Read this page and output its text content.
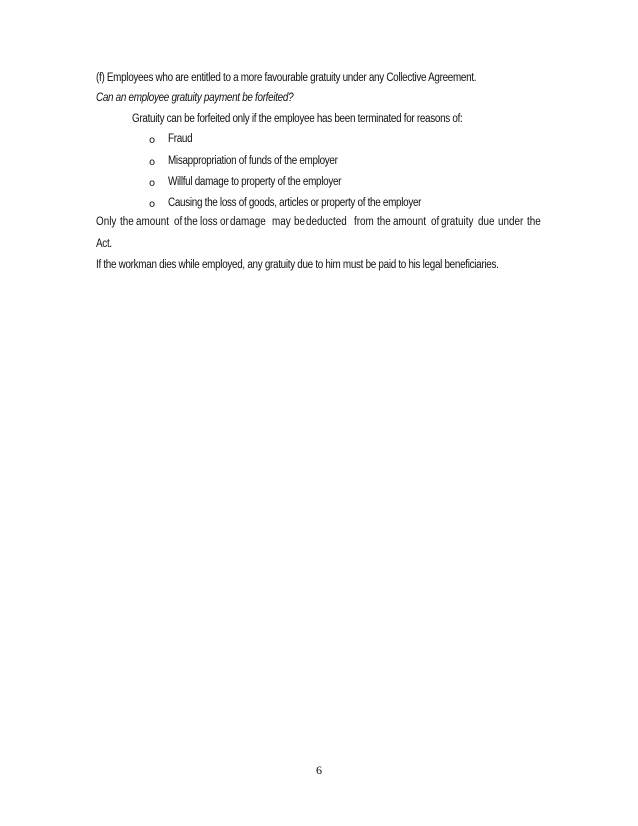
(f) Employees who are entitled to a more favourable gratuity under any Collective Agreement.
Can an employee gratuity payment be forfeited?
Gratuity can be forfeited only if the employee has been terminated for reasons of:
o Fraud
o Misappropriation of funds of the employer
o Willful damage to property of the employer
o Causing the loss of goods, articles or property of the employer
Only the amount of the loss or damage may be deducted from the amount of gratuity due under the
Act.
If the workman dies while employed, any gratuity due to him must be paid to his legal beneficiaries.
6
